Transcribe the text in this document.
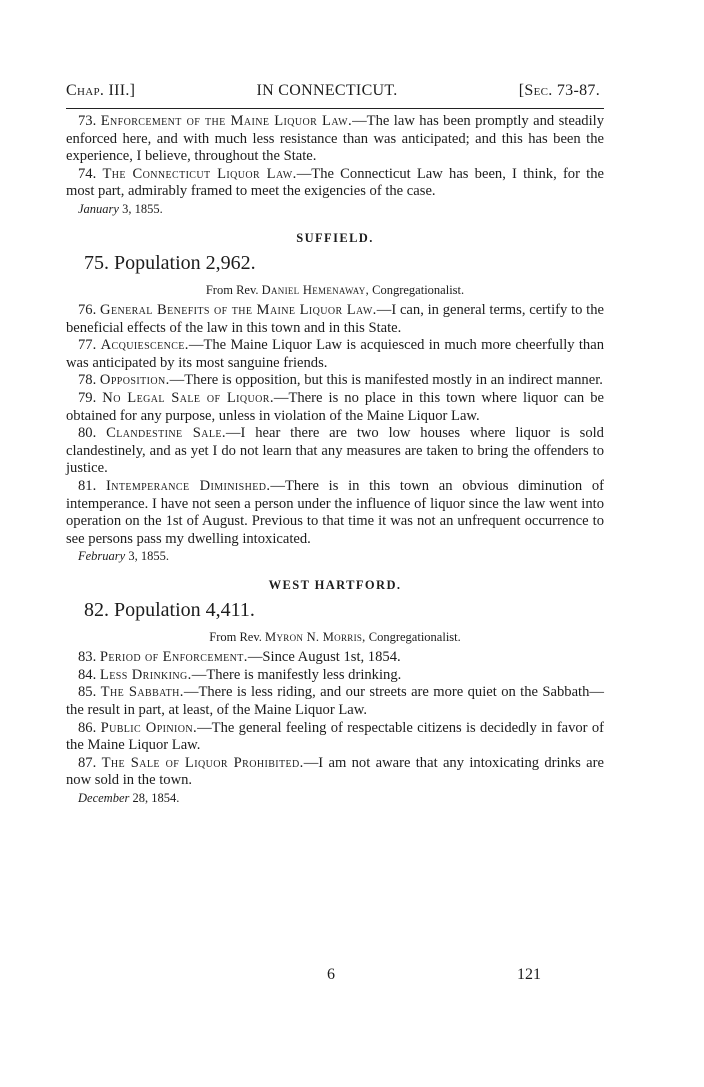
Chap. III.]	IN CONNECTICUT.	[Sec. 73-87.

73. Enforcement of the Maine Liquor Law.—The law has been promptly and steadily enforced here, and with much less resistance than was anticipated; and this has been the experience, I believe, throughout the State.

74. The Connecticut Liquor Law.—The Connecticut Law has been, I think, for the most part, admirably framed to meet the exigencies of the case.

January 3, 1855.

SUFFIELD.
75. Population 2,962.
From Rev. Daniel Hemenaway, Congregationalist.

76. General Benefits of the Maine Liquor Law.—I can, in general terms, certify to the beneficial effects of the law in this town and in this State.

77. Acquiescence.—The Maine Liquor Law is acquiesced in much more cheerfully than was anticipated by its most sanguine friends.

78. Opposition.—There is opposition, but this is manifested mostly in an indirect manner.

79. No Legal Sale of Liquor.—There is no place in this town where liquor can be obtained for any purpose, unless in violation of the Maine Liquor Law.

80. Clandestine Sale.—I hear there are two low houses where liquor is sold clandestinely, and as yet I do not learn that any measures are taken to bring the offenders to justice.

81. Intemperance Diminished.—There is in this town an obvious diminution of intemperance. I have not seen a person under the influence of liquor since the law went into operation on the 1st of August. Previous to that time it was not an unfrequent occurrence to see persons pass my dwelling intoxicated.

February 3, 1855.

WEST HARTFORD.
82. Population 4,411.
From Rev. Myron N. Morris, Congregationalist.

83. Period of Enforcement.—Since August 1st, 1854.

84. Less Drinking.—There is manifestly less drinking.

85. The Sabbath.—There is less riding, and our streets are more quiet on the Sabbath—the result in part, at least, of the Maine Liquor Law.

86. Public Opinion.—The general feeling of respectable citizens is decidedly in favor of the Maine Liquor Law.

87. The Sale of Liquor Prohibited.—I am not aware that any intoxicating drinks are now sold in the town.

December 28, 1854.

6	121
